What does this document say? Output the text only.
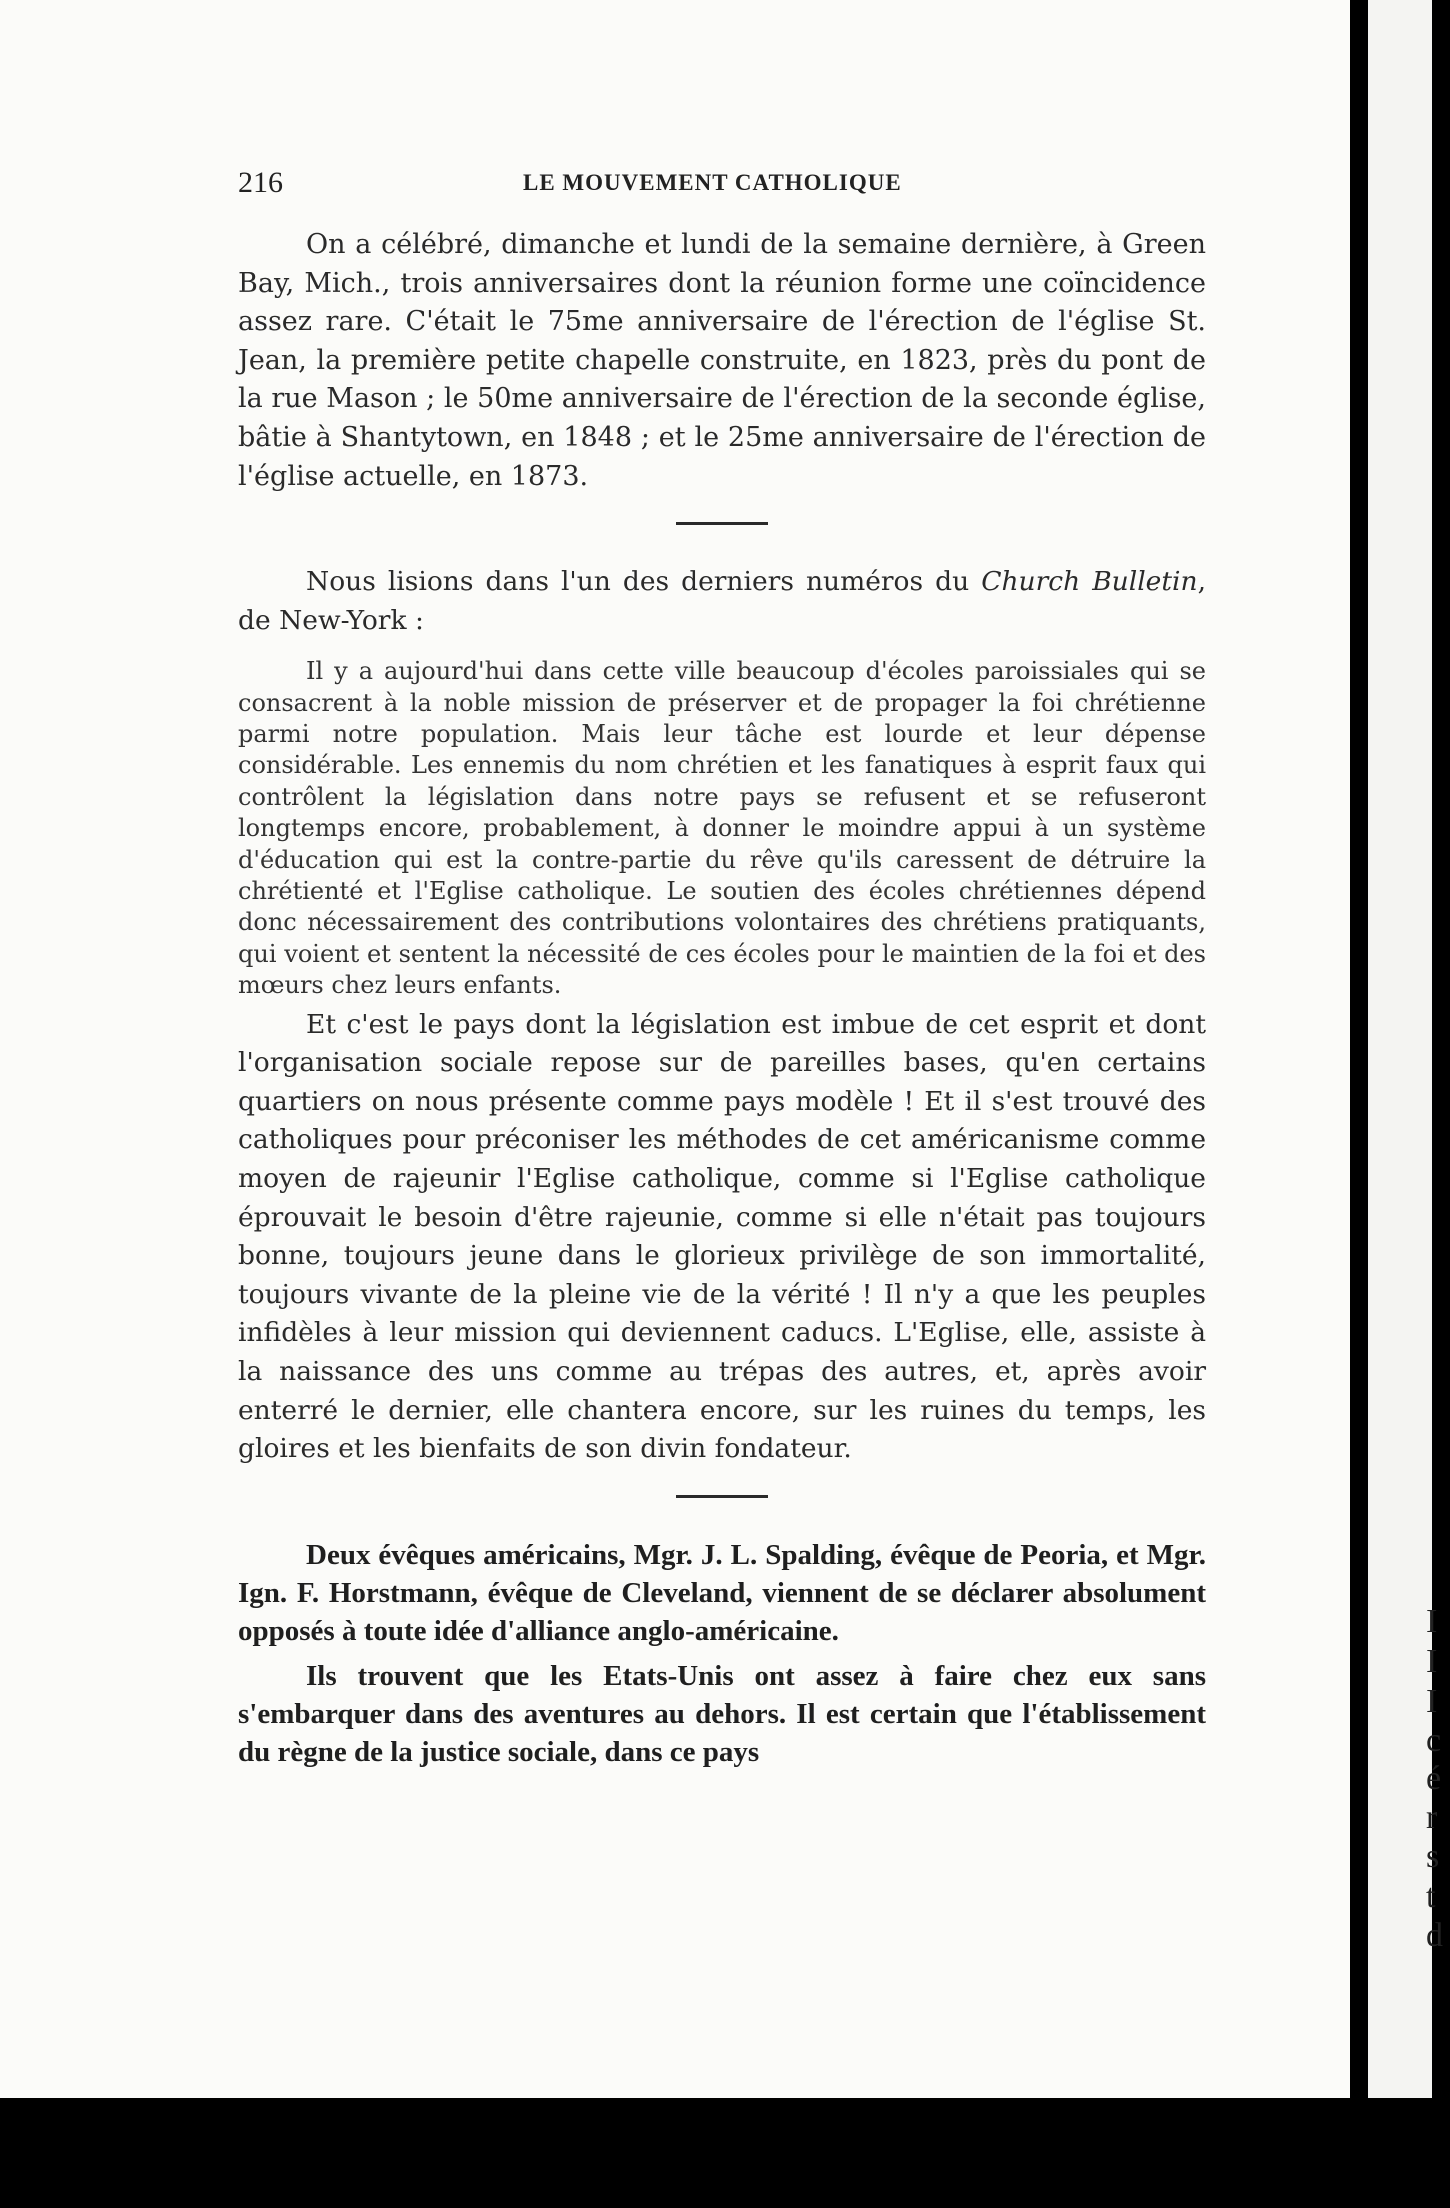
216	LE MOUVEMENT CATHOLIQUE

On a célébré, dimanche et lundi de la semaine dernière, à Green Bay, Mich., trois anniversaires dont la réunion forme une coïncidence assez rare. C'était le 75me anniversaire de l'érection de l'église St. Jean, la première petite chapelle construite, en 1823, près du pont de la rue Mason ; le 50me anniversaire de l'érection de la seconde église, bâtie à Shantytown, en 1848 ; et le 25me anniversaire de l'érection de l'église actuelle, en 1873.

Nous lisions dans l'un des derniers numéros du Church Bulletin, de New-York :

Il y a aujourd'hui dans cette ville beaucoup d'écoles paroissiales qui se consacrent à la noble mission de préserver et de propager la foi chrétienne parmi notre population. Mais leur tâche est lourde et leur dépense considérable. Les ennemis du nom chrétien et les fanatiques à esprit faux qui contrôlent la législation dans notre pays se refusent et se refuseront longtemps encore, probablement, à donner le moindre appui à un système d'éducation qui est la contre-partie du rêve qu'ils caressent de détruire la chrétienté et l'Eglise catholique. Le soutien des écoles chrétiennes dépend donc nécessairement des contributions volontaires des chrétiens pratiquants, qui voient et sentent la nécessité de ces écoles pour le maintien de la foi et des mœurs chez leurs enfants.

Et c'est le pays dont la législation est imbue de cet esprit et dont l'organisation sociale repose sur de pareilles bases, qu'en certains quartiers on nous présente comme pays modèle ! Et il s'est trouvé des catholiques pour préconiser les méthodes de cet américanisme comme moyen de rajeunir l'Eglise catholique, comme si l'Eglise catholique éprouvait le besoin d'être rajeunie, comme si elle n'était pas toujours bonne, toujours jeune dans le glorieux privilège de son immortalité, toujours vivante de la pleine vie de la vérité ! Il n'y a que les peuples infidèles à leur mission qui deviennent caducs. L'Eglise, elle, assiste à la naissance des uns comme au trépas des autres, et, après avoir enterré le dernier, elle chantera encore, sur les ruines du temps, les gloires et les bienfaits de son divin fondateur.

Deux évêques américains, Mgr. J. L. Spalding, évêque de Peoria, et Mgr. Ign. F. Horstmann, évêque de Cleveland, viennent de se déclarer absolument opposés à toute idée d'alliance anglo-américaine.

Ils trouvent que les Etats-Unis ont assez à faire chez eux sans s'embarquer dans des aventures au dehors. Il est certain que l'établissement du règne de la justice sociale, dans ce pays

I
I
I
c
é
r
s
t
d
